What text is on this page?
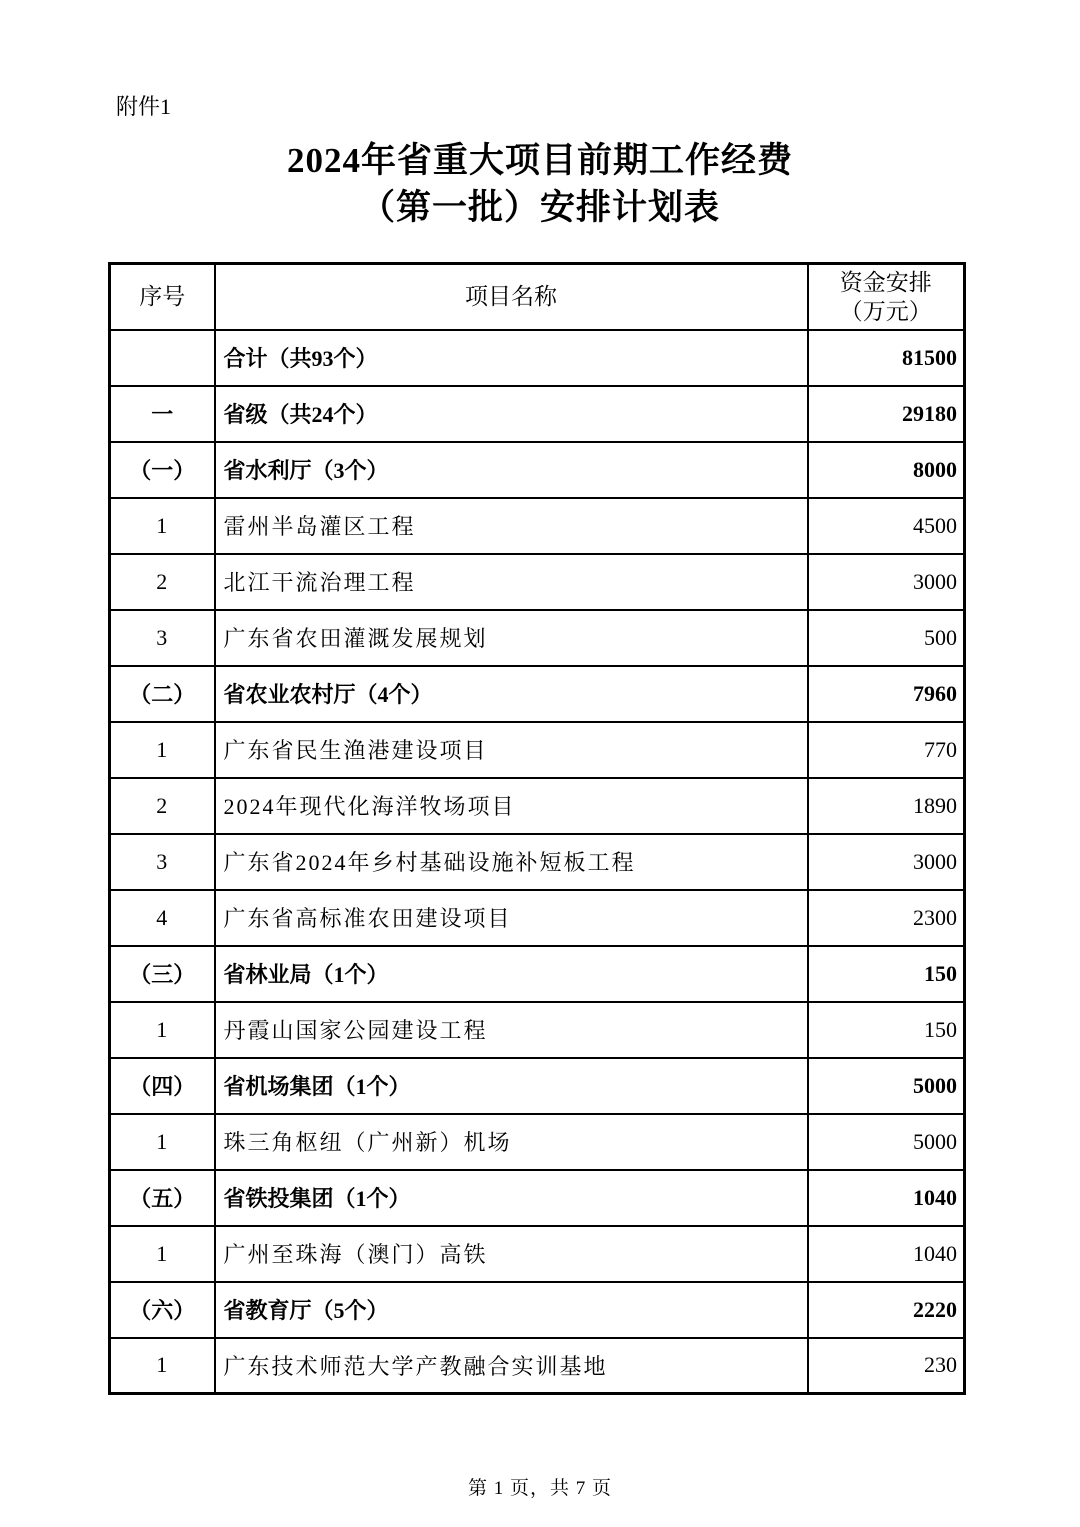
附件1
2024年省重大项目前期工作经费
（第一批）安排计划表
序号	项目名称	资金安排
（万元）
	合计（共93个）	81500
一	省级（共24个）	29180
（一）	省水利厅（3个）	8000
1	雷州半岛灌区工程	4500
2	北江干流治理工程	3000
3	广东省农田灌溉发展规划	500
（二）	省农业农村厅（4个）	7960
1	广东省民生渔港建设项目	770
2	2024年现代化海洋牧场项目	1890
3	广东省2024年乡村基础设施补短板工程	3000
4	广东省高标准农田建设项目	2300
（三）	省林业局（1个）	150
1	丹霞山国家公园建设工程	150
（四）	省机场集团（1个）	5000
1	珠三角枢纽（广州新）机场	5000
（五）	省铁投集团（1个）	1040
1	广州至珠海（澳门）高铁	1040
（六）	省教育厅（5个）	2220
1	广东技术师范大学产教融合实训基地	230
第 1 页，共 7 页
